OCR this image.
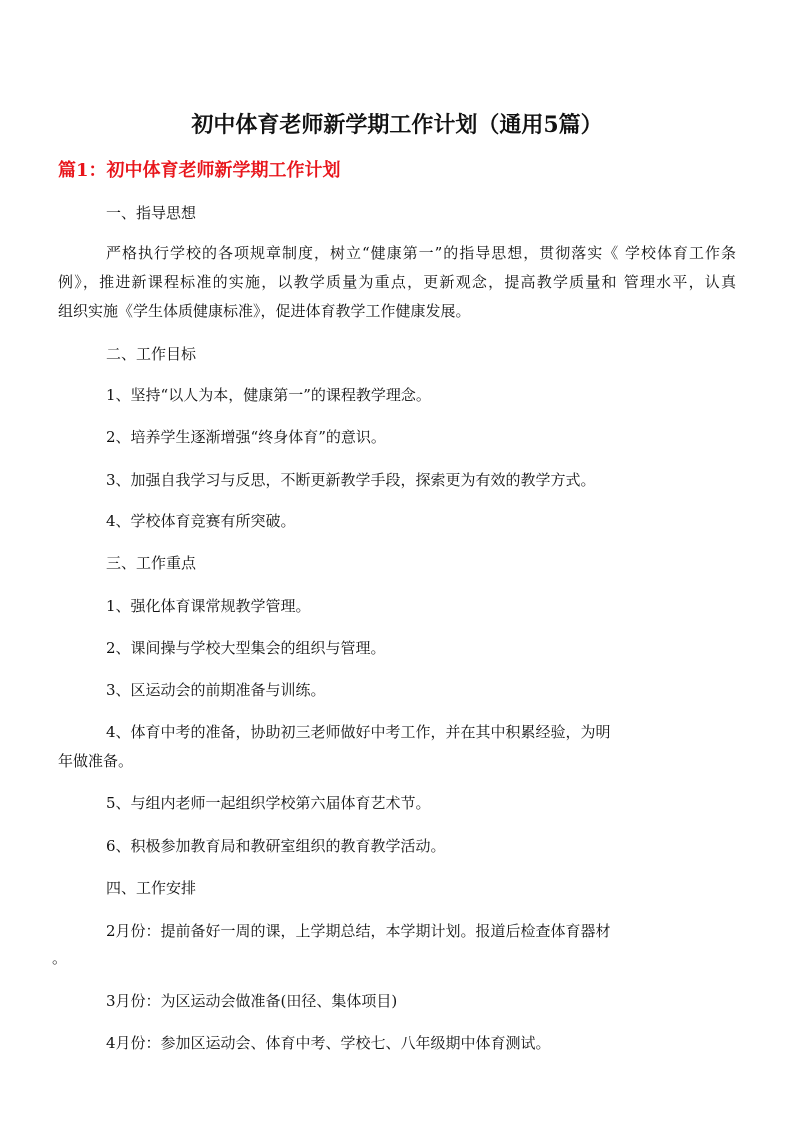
初中体育老师新学期工作计划（通用5篇）
篇1：初中体育老师新学期工作计划
一、指导思想
严格执行学校的各项规章制度，树立“健康第一”的指导思想，贯彻落实《 学校体育工作条
例》，推进新课程标准的实施，以教学质量为重点，更新观念，提高教学质量和 管理水平，认真
组织实施《学生体质健康标准》，促进体育教学工作健康发展。
二、工作目标
1、坚持“以人为本，健康第一”的课程教学理念。
2、培养学生逐渐增强“终身体育”的意识。
3、加强自我学习与反思，不断更新教学手段，探索更为有效的教学方式。
4、学校体育竞赛有所突破。
三、工作重点
1、强化体育课常规教学管理。
2、课间操与学校大型集会的组织与管理。
3、区运动会的前期准备与训练。
4、体育中考的准备，协助初三老师做好中考工作，并在其中积累经验，为明
年做准备。
5、与组内老师一起组织学校第六届体育艺术节。
6、积极参加教育局和教研室组织的教育教学活动。
四、工作安排
2月份：提前备好一周的课，上学期总结，本学期计划。报道后检查体育器材
。
3月份：为区运动会做准备(田径、集体项目)
4月份：参加区运动会、体育中考、学校七、八年级期中体育测试。
